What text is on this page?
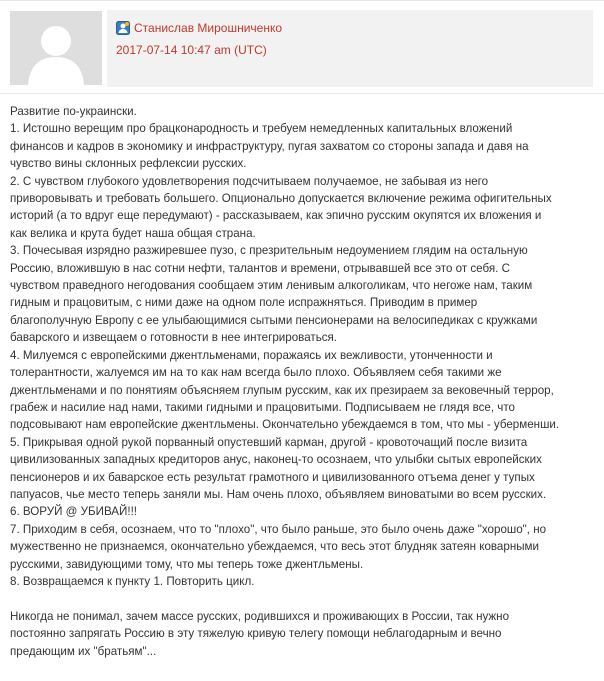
Станислав Мирошниченко
2017-07-14 10:47 am (UTC)

Развитие по-украински.

1. Истошно верещим про брацконародность и требуем немедленных капитальных вложений

финансов и кадров в экономику и инфраструктуру, пугая захватом со стороны запада и давя на

чувство вины склонных рефлексии русских.

2. С чувством глубокого удовлетворения подсчитываем получаемое, не забывая из него

приворовывать и требовать большего. Опционально допускается включение режима офигительных

историй (а то вдруг еще передумают) - рассказываем, как эпично русским окупятся их вложения и

как велика и крута будет наша общая страна.

3. Почесывая изрядно разжиревшее пузо, с презрительным недоумением глядим на остальную

Россию, вложившую в нас сотни нефти, талантов и времени, отрывавшей все это от себя. С

чувством праведного негодования сообщаем этим ленивым алкоголикам, что негоже нам, таким

гидным и працовитым, с ними даже на одном поле испражняться. Приводим в пример

благополучную Европу с ее улыбающимися сытыми пенсионерами на велосипедиках с кружками

баварского и извещаем о готовности в нее интегрироваться.

4. Милуемся с европейскими джентльменами, поражаясь их вежливости, утонченности и

толерантности, жалуемся им на то как нам всегда было плохо. Объявляем себя такими же

джентльменами и по понятиям объясняем глупым русским, как их презираем за вековечный террор,

грабеж и насилие над нами, такими гидными и працовитыми. Подписываем не глядя все, что

подсовывают нам европейские джентльмены. Окончательно убеждаемся в том, что мы - уберменши.

5. Прикрывая одной рукой порванный опустевший карман, другой - кровоточащий после визита

цивилизованных западных кредиторов анус, наконец-то осознаем, что улыбки сытых европейских

пенсионеров и их баварское есть результат грамотного и цивилизованного отъема денег у тупых

папуасов, чье место теперь заняли мы. Нам очень плохо, объявляем виноватыми во всем русских.

6. ВОРУЙ @ УБИВАЙ!!!

7. Приходим в себя, осознаем, что то "плохо", что было раньше, это было очень даже "хорошо", но

мужественно не признаемся, окончательно убеждаемся, что весь этот блудняк затеян коварными

русскими, завидующими тому, что мы теперь тоже джентльмены.

8. Возвращаемся к пункту 1. Повторить цикл.

Никогда не понимал, зачем массе русских, родившихся и проживающих в России, так нужно

постоянно запрягать Россию в эту тяжелую кривую телегу помощи неблагодарным и вечно

предающим их "братьям"...
